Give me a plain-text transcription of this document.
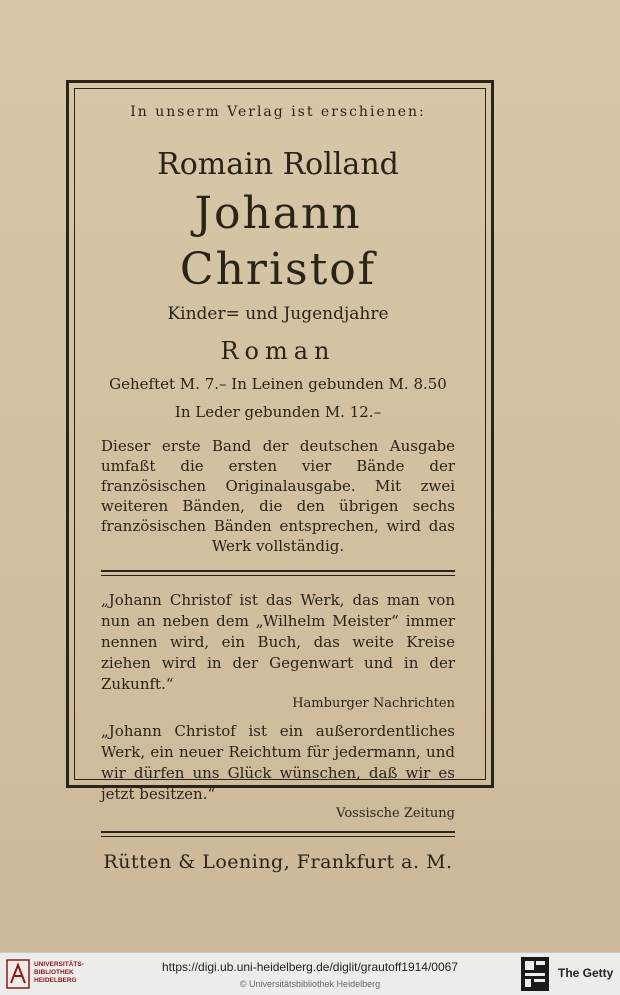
In unserm Verlag ist erschienen:
Romain Rolland
Johann Christof
Kinder= und Jugendjahre
Roman
Geheftet M. 7.– In Leinen gebunden M. 8.50
In Leder gebunden M. 12.–
Dieser erste Band der deutschen Ausgabe umfaßt die ersten vier Bände der französischen Originalausgabe. Mit zwei weiteren Bänden, die den übrigen sechs französischen Bänden entsprechen, wird das Werk vollständig.
„Johann Christof ist das Werk, das man von nun an neben dem „Wilhelm Meister“ immer nennen wird, ein Buch, das weite Kreise ziehen wird in der Gegenwart und in der Zukunft.“
Hamburger Nachrichten
„Johann Christof ist ein außerordentliches Werk, ein neuer Reichtum für jedermann, und wir dürfen uns Glück wünschen, daß wir es jetzt besitzen.“
Vossische Zeitung
Rütten & Loening, Frankfurt a. M.
UNIVERSITÄTS-
BIBLIOTHEK
HEIDELBERG
https://digi.ub.uni-heidelberg.de/diglit/grautoff1914/0067
© Universitätsbibliothek Heidelberg
The Getty
